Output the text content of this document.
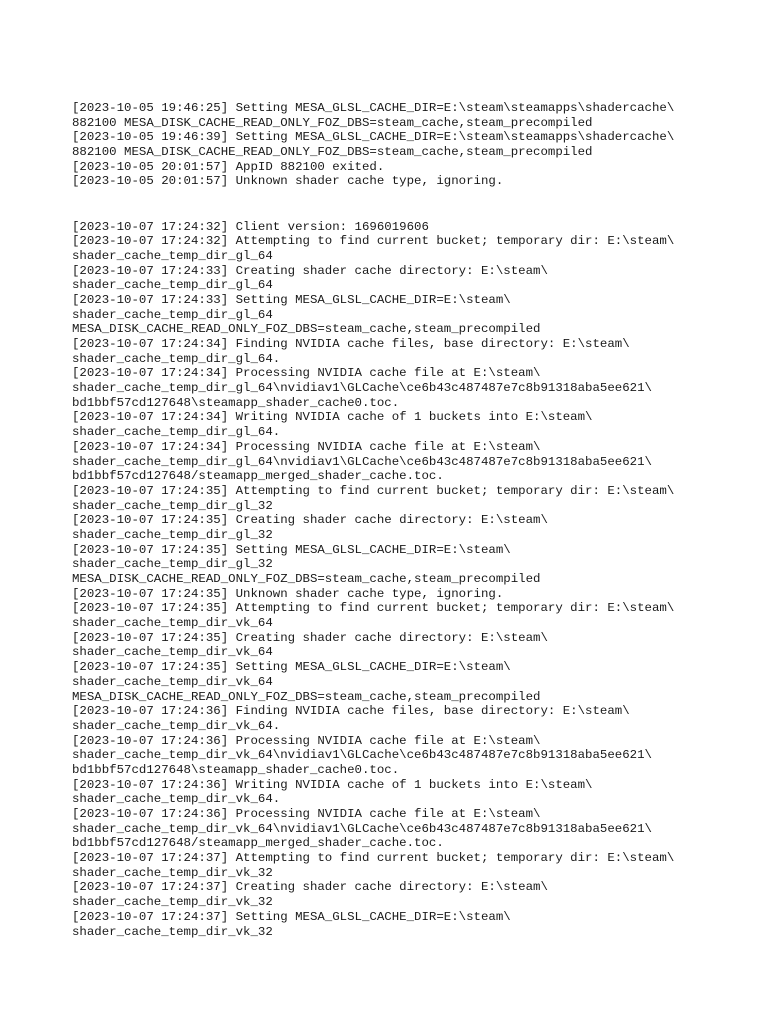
[2023-10-05 19:46:25] Setting MESA_GLSL_CACHE_DIR=E:\steam\steamapps\shadercache\
882100 MESA_DISK_CACHE_READ_ONLY_FOZ_DBS=steam_cache,steam_precompiled
[2023-10-05 19:46:39] Setting MESA_GLSL_CACHE_DIR=E:\steam\steamapps\shadercache\
882100 MESA_DISK_CACHE_READ_ONLY_FOZ_DBS=steam_cache,steam_precompiled
[2023-10-05 20:01:57] AppID 882100 exited.
[2023-10-05 20:01:57] Unknown shader cache type, ignoring.
[2023-10-07 17:24:32] Client version: 1696019606
[2023-10-07 17:24:32] Attempting to find current bucket; temporary dir: E:\steam\
shader_cache_temp_dir_gl_64
[2023-10-07 17:24:33] Creating shader cache directory: E:\steam\
shader_cache_temp_dir_gl_64
[2023-10-07 17:24:33] Setting MESA_GLSL_CACHE_DIR=E:\steam\
shader_cache_temp_dir_gl_64
MESA_DISK_CACHE_READ_ONLY_FOZ_DBS=steam_cache,steam_precompiled
[2023-10-07 17:24:34] Finding NVIDIA cache files, base directory: E:\steam\
shader_cache_temp_dir_gl_64.
[2023-10-07 17:24:34] Processing NVIDIA cache file at E:\steam\
shader_cache_temp_dir_gl_64\nvidiav1\GLCache\ce6b43c487487e7c8b91318aba5ee621\
bd1bbf57cd127648\steamapp_shader_cache0.toc.
[2023-10-07 17:24:34] Writing NVIDIA cache of 1 buckets into E:\steam\
shader_cache_temp_dir_gl_64.
[2023-10-07 17:24:34] Processing NVIDIA cache file at E:\steam\
shader_cache_temp_dir_gl_64\nvidiav1\GLCache\ce6b43c487487e7c8b91318aba5ee621\
bd1bbf57cd127648/steamapp_merged_shader_cache.toc.
[2023-10-07 17:24:35] Attempting to find current bucket; temporary dir: E:\steam\
shader_cache_temp_dir_gl_32
[2023-10-07 17:24:35] Creating shader cache directory: E:\steam\
shader_cache_temp_dir_gl_32
[2023-10-07 17:24:35] Setting MESA_GLSL_CACHE_DIR=E:\steam\
shader_cache_temp_dir_gl_32
MESA_DISK_CACHE_READ_ONLY_FOZ_DBS=steam_cache,steam_precompiled
[2023-10-07 17:24:35] Unknown shader cache type, ignoring.
[2023-10-07 17:24:35] Attempting to find current bucket; temporary dir: E:\steam\
shader_cache_temp_dir_vk_64
[2023-10-07 17:24:35] Creating shader cache directory: E:\steam\
shader_cache_temp_dir_vk_64
[2023-10-07 17:24:35] Setting MESA_GLSL_CACHE_DIR=E:\steam\
shader_cache_temp_dir_vk_64
MESA_DISK_CACHE_READ_ONLY_FOZ_DBS=steam_cache,steam_precompiled
[2023-10-07 17:24:36] Finding NVIDIA cache files, base directory: E:\steam\
shader_cache_temp_dir_vk_64.
[2023-10-07 17:24:36] Processing NVIDIA cache file at E:\steam\
shader_cache_temp_dir_vk_64\nvidiav1\GLCache\ce6b43c487487e7c8b91318aba5ee621\
bd1bbf57cd127648\steamapp_shader_cache0.toc.
[2023-10-07 17:24:36] Writing NVIDIA cache of 1 buckets into E:\steam\
shader_cache_temp_dir_vk_64.
[2023-10-07 17:24:36] Processing NVIDIA cache file at E:\steam\
shader_cache_temp_dir_vk_64\nvidiav1\GLCache\ce6b43c487487e7c8b91318aba5ee621\
bd1bbf57cd127648/steamapp_merged_shader_cache.toc.
[2023-10-07 17:24:37] Attempting to find current bucket; temporary dir: E:\steam\
shader_cache_temp_dir_vk_32
[2023-10-07 17:24:37] Creating shader cache directory: E:\steam\
shader_cache_temp_dir_vk_32
[2023-10-07 17:24:37] Setting MESA_GLSL_CACHE_DIR=E:\steam\
shader_cache_temp_dir_vk_32
